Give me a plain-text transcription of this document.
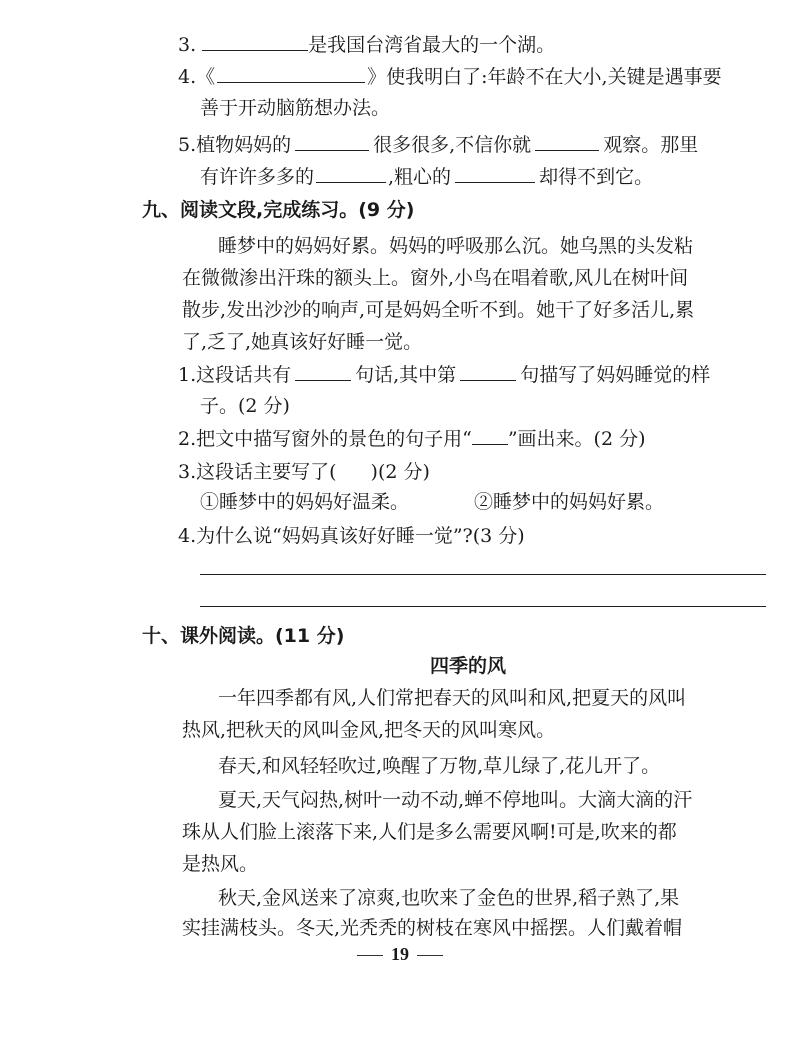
3.	是我国台湾省最大的一个湖。
4.《	》使我明白了:年龄不在大小,关键是遇事要
善于开动脑筋想办法。
5.植物妈妈的	很多很多,不信你就	观察。那里
有许许多多的	,粗心的	却得不到它。
九、阅读文段,完成练习。(9 分)
睡梦中的妈妈好累。妈妈的呼吸那么沉。她乌黑的头发粘
在微微渗出汗珠的额头上。窗外,小鸟在唱着歌,风儿在树叶间
散步,发出沙沙的响声,可是妈妈全听不到。她干了好多活儿,累
了,乏了,她真该好好睡一觉。
1.这段话共有	句话,其中第	句描写了妈妈睡觉的样
子。(2 分)
2.把文中描写窗外的景色的句子用“ ”画出来。(2 分)
3.这段话主要写了( )(2 分)
①睡梦中的妈妈好温柔。	②睡梦中的妈妈好累。
4.为什么说“妈妈真该好好睡一觉”?(3 分)
十、课外阅读。(11 分)
四季的风
一年四季都有风,人们常把春天的风叫和风,把夏天的风叫
热风,把秋天的风叫金风,把冬天的风叫寒风。
春天,和风轻轻吹过,唤醒了万物,草儿绿了,花儿开了。
夏天,天气闷热,树叶一动不动,蝉不停地叫。大滴大滴的汗
珠从人们脸上滚落下来,人们是多么需要风啊!可是,吹来的都
是热风。
秋天,金风送来了凉爽,也吹来了金色的世界,稻子熟了,果
实挂满枝头。冬天,光秃秃的树枝在寒风中摇摆。人们戴着帽
19
